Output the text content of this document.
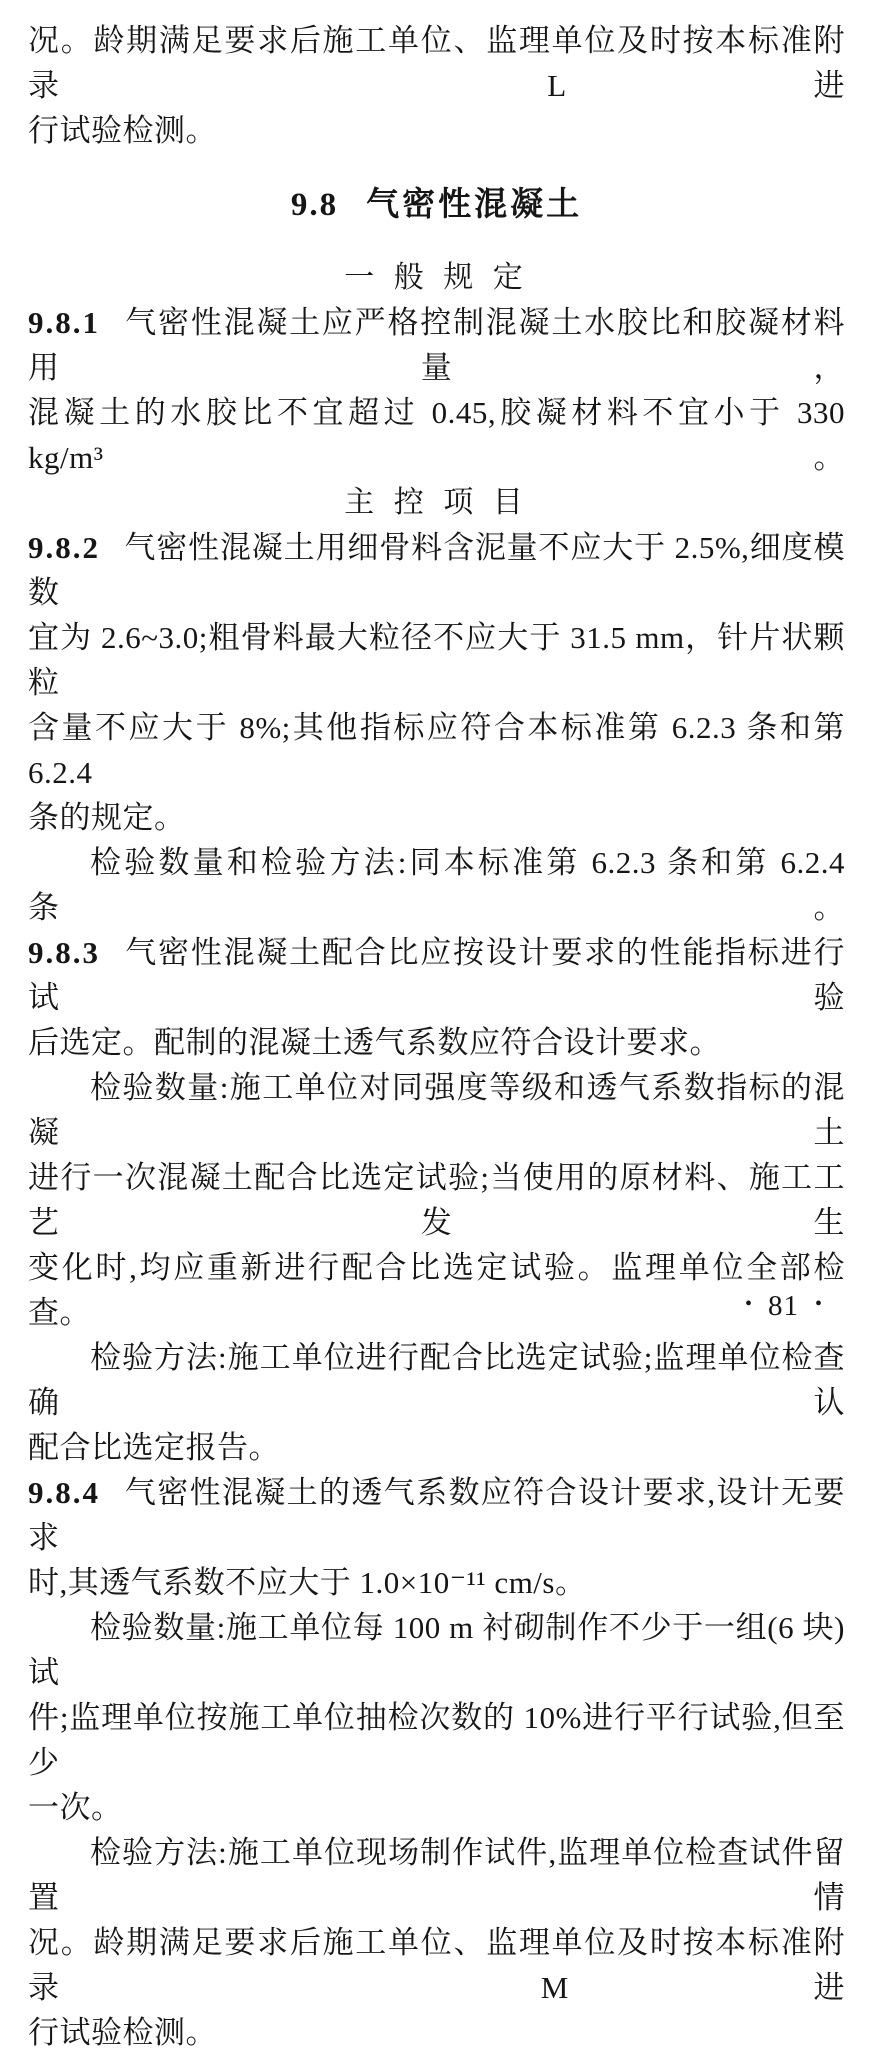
况。龄期满足要求后施工单位、监理单位及时按本标准附录 L 进
行试验检测。
9.8 气密性混凝土
一 般 规 定
9.8.1 气密性混凝土应严格控制混凝土水胶比和胶凝材料用量，
混凝土的水胶比不宜超过 0.45,胶凝材料不宜小于 330 kg/m³。
主 控 项 目
9.8.2 气密性混凝土用细骨料含泥量不应大于 2.5%,细度模数
宜为 2.6~3.0;粗骨料最大粒径不应大于 31.5 mm，针片状颗粒
含量不应大于 8%;其他指标应符合本标准第 6.2.3 条和第 6.2.4
条的规定。
检验数量和检验方法:同本标准第 6.2.3 条和第 6.2.4 条。
9.8.3 气密性混凝土配合比应按设计要求的性能指标进行试验
后选定。配制的混凝土透气系数应符合设计要求。
检验数量:施工单位对同强度等级和透气系数指标的混凝土
进行一次混凝土配合比选定试验;当使用的原材料、施工工艺发生
变化时,均应重新进行配合比选定试验。监理单位全部检查。
检验方法:施工单位进行配合比选定试验;监理单位检查确认
配合比选定报告。
9.8.4 气密性混凝土的透气系数应符合设计要求,设计无要求
时,其透气系数不应大于 1.0×10⁻¹¹ cm/s。
检验数量:施工单位每 100 m 衬砌制作不少于一组(6 块)试
件;监理单位按施工单位抽检次数的 10%进行平行试验,但至少
一次。
检验方法:施工单位现场制作试件,监理单位检查试件留置情
况。龄期满足要求后施工单位、监理单位及时按本标准附录 M 进
行试验检测。
• 81 •
